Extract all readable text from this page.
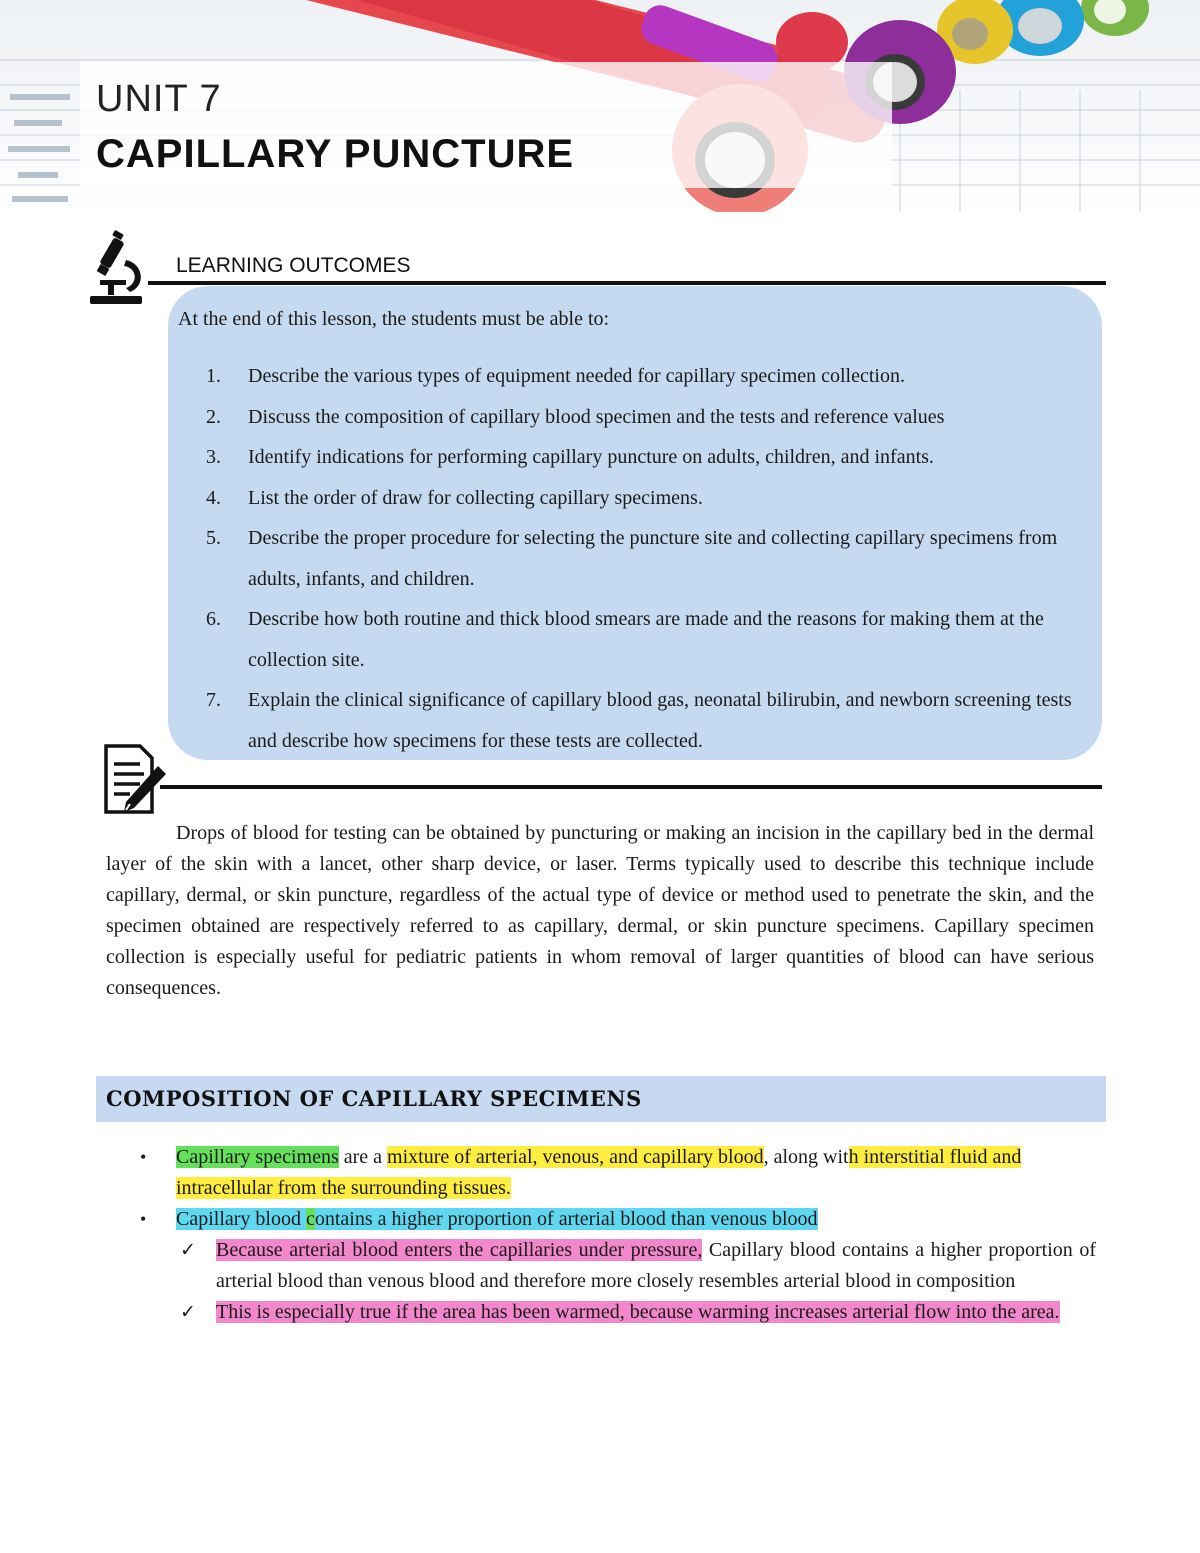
UNIT 7
CAPILLARY PUNCTURE
LEARNING OUTCOMES

At the end of this lesson, the students must be able to:

1.	Describe the various types of equipment needed for capillary specimen collection.
2.	Discuss the composition of capillary blood specimen and the tests and reference values
3.	Identify indications for performing capillary puncture on adults, children, and infants.
4.	List the order of draw for collecting capillary specimens.
5.	Describe the proper procedure for selecting the puncture site and collecting capillary specimens from adults, infants, and children.
6.	Describe how both routine and thick blood smears are made and the reasons for making them at the collection site.
7.	Explain the clinical significance of capillary blood gas, neonatal bilirubin, and newborn screening tests and describe how specimens for these tests are collected.

Drops of blood for testing can be obtained by puncturing or making an incision in the capillary bed in the dermal layer of the skin with a lancet, other sharp device, or laser. Terms typically used to describe this technique include capillary, dermal, or skin puncture, regardless of the actual type of device or method used to penetrate the skin, and the specimen obtained are respectively referred to as capillary, dermal, or skin puncture specimens. Capillary specimen collection is especially useful for pediatric patients in whom removal of larger quantities of blood can have serious consequences.

COMPOSITION OF CAPILLARY SPECIMENS
•	Capillary specimens are a mixture of arterial, venous, and capillary blood, along with interstitial fluid and intracellular from the surrounding tissues.
•	Capillary blood contains a higher proportion of arterial blood than venous blood
✓	Because arterial blood enters the capillaries under pressure, Capillary blood contains a higher proportion of arterial blood than venous blood and therefore more closely resembles arterial blood in composition
✓	This is especially true if the area has been warmed, because warming increases arterial flow into the area.
